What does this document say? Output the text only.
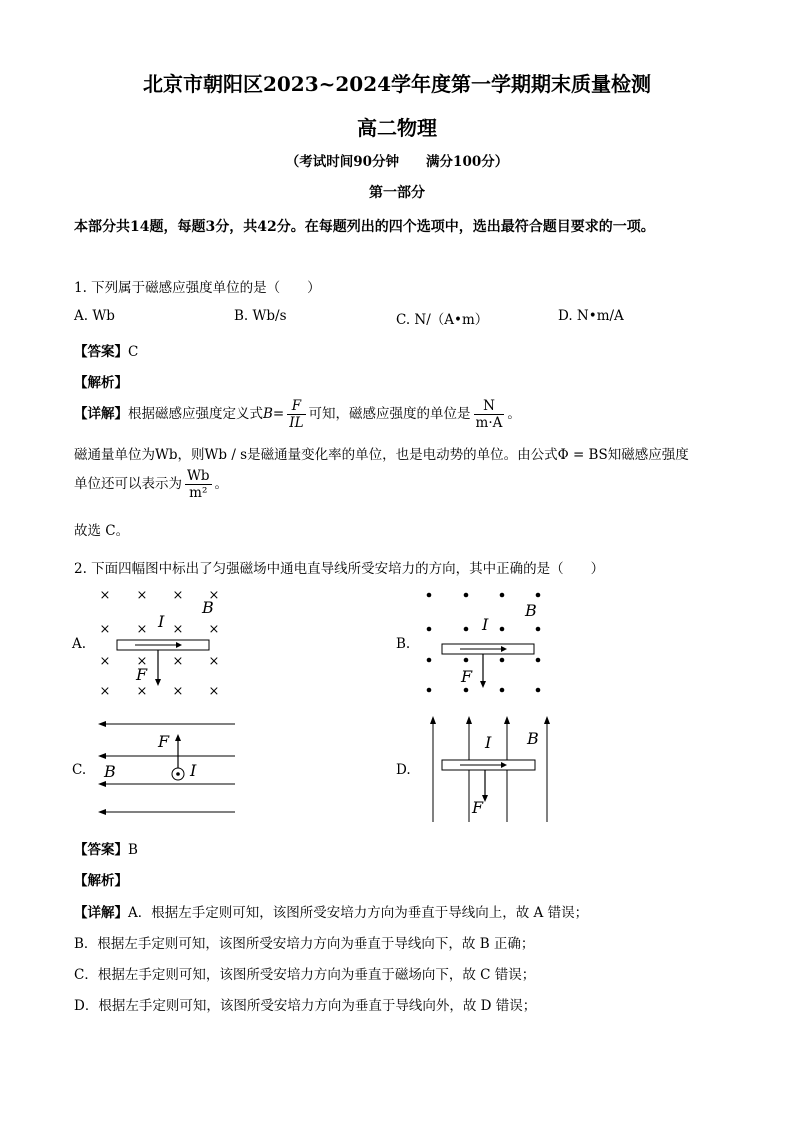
北京市朝阳区2023~2024学年度第一学期期末质量检测
高二物理
（考试时间90分钟　　满分100分）
第一部分
本部分共14题，每题3分，共42分。在每题列出的四个选项中，选出最符合题目要求的一项。
1. 下列属于磁感应强度单位的是（　　）
A. Wb	B. Wb/s	C. N/（A•m）	D. N•m/A
【答案】C
【解析】
【详解】根据磁感应强度定义式$B= \frac{F}{IL}$ 可知，磁感应强度的单位是 $\frac{N}{m\cdot A}$ 。
磁通量单位为Wb，则Wb / s是磁通量变化率的单位，也是电动势的单位。由公式Φ = BS知磁感应强度
单位还可以表示为 $\frac{Wb}{\text{m²}}$ 。
故选 C。
2. 下面四幅图中标出了匀强磁场中通电直导线所受安培力的方向，其中正确的是（　　）
A.
× × × ×
× × × ×
× × × ×
× × × ×
B
I
F
B.
B
I
F
C.
F
I
B	D.
I B
F
【答案】B
【解析】
【详解】A．根据左手定则可知，该图所受安培力方向为垂直于导线向上，故 A 错误；
B．根据左手定则可知，该图所受安培力方向为垂直于导线向下，故 B 正确；
C．根据左手定则可知，该图所受安培力方向为垂直于磁场向下，故 C 错误；
D．根据左手定则可知，该图所受安培力方向为垂直于导线向外，故 D 错误；
